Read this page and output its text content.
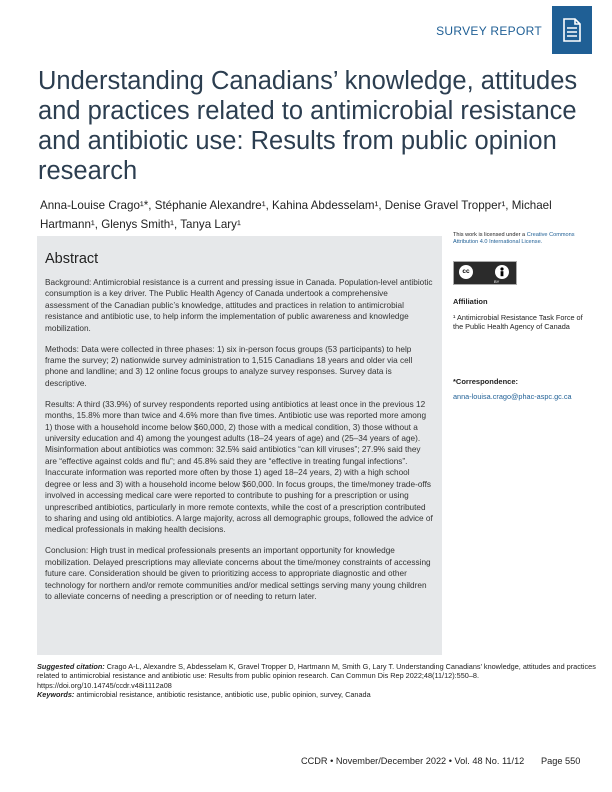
SURVEY REPORT
Understanding Canadians’ knowledge, attitudes and practices related to antimicrobial resistance and antibiotic use: Results from public opinion research
Anna-Louise Crago¹*, Stéphanie Alexandre¹, Kahina Abdesselam¹, Denise Gravel Tropper¹, Michael Hartmann¹, Glenys Smith¹, Tanya Lary¹
Abstract

Background: Antimicrobial resistance is a current and pressing issue in Canada. Population-level antibiotic consumption is a key driver. The Public Health Agency of Canada undertook a comprehensive assessment of the Canadian public’s knowledge, attitudes and practices in relation to antimicrobial resistance and antibiotic use, to help inform the implementation of public awareness and knowledge mobilization.

Methods: Data were collected in three phases: 1) six in-person focus groups (53 participants) to help frame the survey; 2) nationwide survey administration to 1,515 Canadians 18 years and older via cell phone and landline; and 3) 12 online focus groups to analyze survey responses. Survey data is descriptive.

Results: A third (33.9%) of survey respondents reported using antibiotics at least once in the previous 12 months, 15.8% more than twice and 4.6% more than five times. Antibiotic use was reported more among 1) those with a household income below $60,000, 2) those with a medical condition, 3) those without a university education and 4) among the youngest adults (18–24 years of age) and (25–34 years of age). Misinformation about antibiotics was common: 32.5% said antibiotics “can kill viruses”; 27.9% said they are “effective against colds and flu”; and 45.8% said they are “effective in treating fungal infections”. Inaccurate information was reported more often by those 1) aged 18–24 years, 2) with a high school degree or less and 3) with a household income below $60,000. In focus groups, the time/money trade-offs involved in accessing medical care were reported to contribute to pushing for a prescription or using unprescribed antibiotics, particularly in more remote contexts, while the cost of a prescription contributed to sharing and using old antibiotics. A large majority, across all demographic groups, followed the advice of medical professionals in making health decisions.

Conclusion: High trust in medical professionals presents an important opportunity for knowledge mobilization. Delayed prescriptions may alleviate concerns about the time/money constraints of accessing future care. Consideration should be given to prioritizing access to appropriate diagnostic and other technology for northern and/or remote communities and/or medical settings serving many young children to alleviate concerns of needing a prescription or of needing to return later.

This work is licensed under a Creative Commons Attribution 4.0 International License.
cc
BY
Affiliation
¹ Antimicrobial Resistance Task Force of the Public Health Agency of Canada
*Correspondence:
anna-louisa.crago@phac-aspc.gc.ca
Suggested citation: Crago A-L, Alexandre S, Abdesselam K, Gravel Tropper D, Hartmann M, Smith G, Lary T. Understanding Canadians’ knowledge, attitudes and practices related to antimicrobial resistance and antibiotic use: Results from public opinion research. Can Commun Dis Rep 2022;48(11/12):550–8. https://doi.org/10.14745/ccdr.v48i1112a08
Keywords: antimicrobial resistance, antibiotic resistance, antibiotic use, public opinion, survey, Canada
CCDR • November/December 2022 • Vol. 48 No. 11/12 Page 550
